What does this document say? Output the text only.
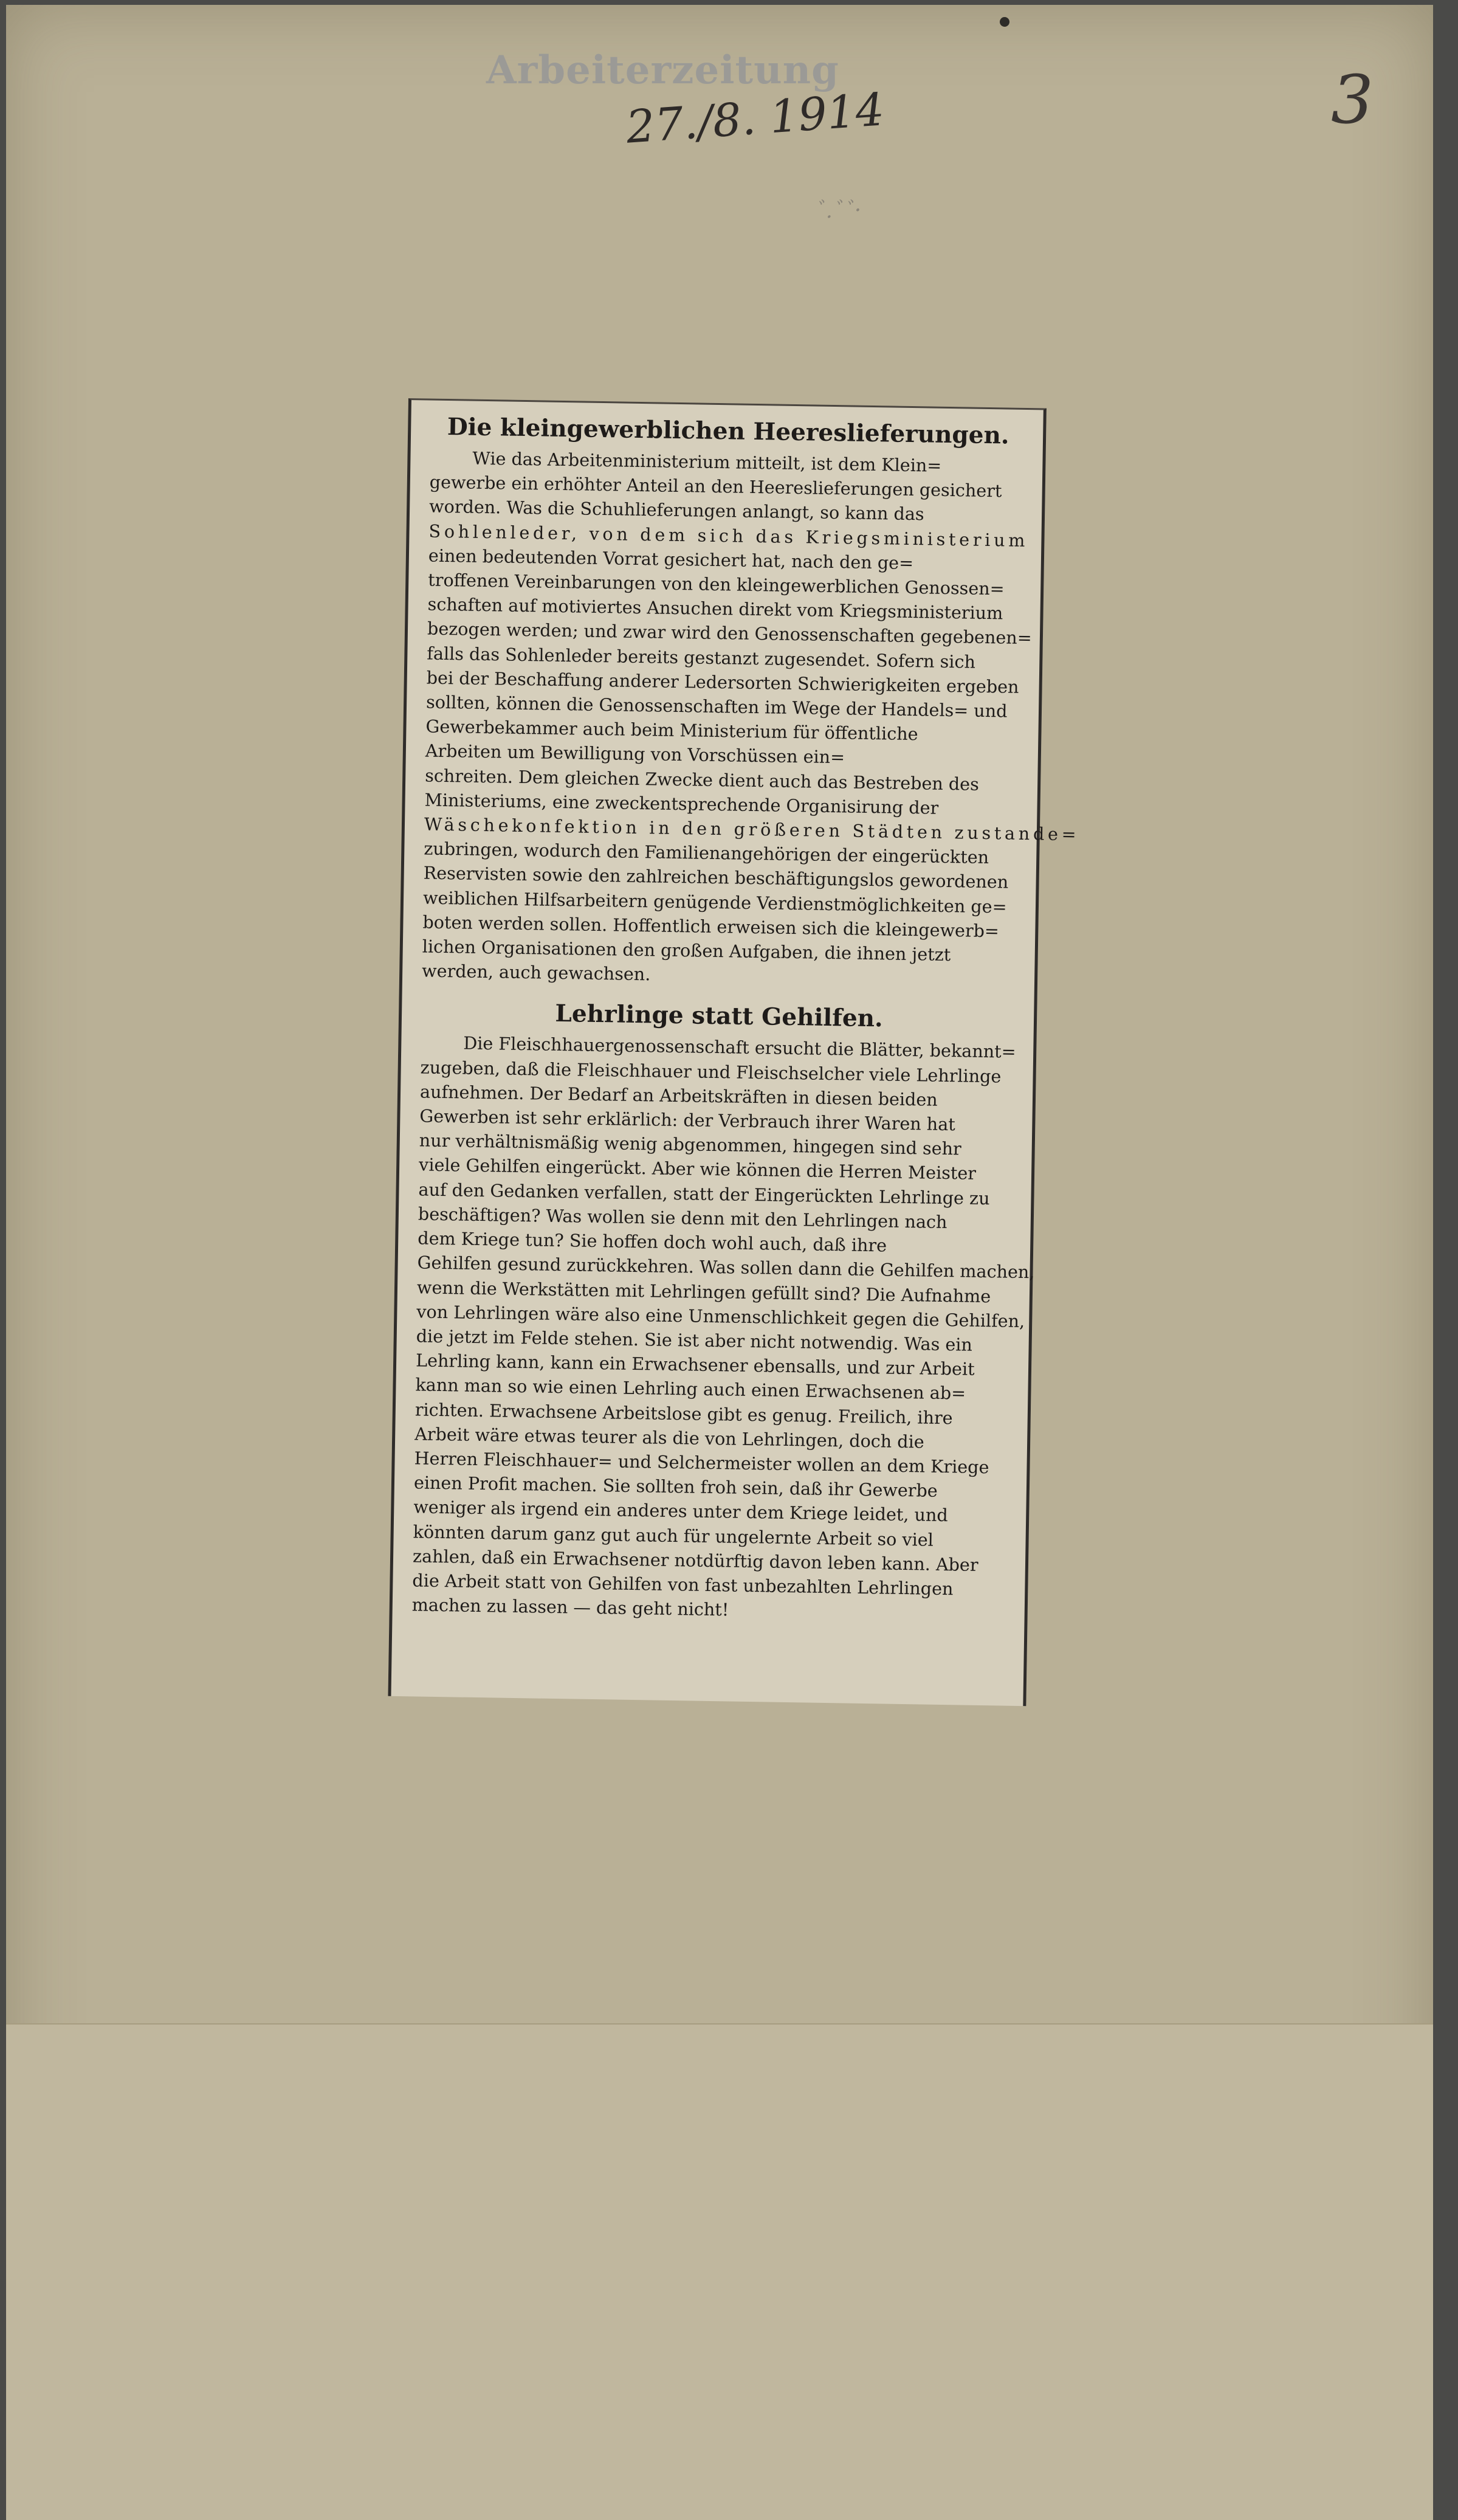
Arbeiterzeitung
27./8. 1914	3
ﾞ.ﾞﾞ·
Die kleingewerblichen Heereslieferungen.
Wie das Arbeitenministerium mitteilt, ist dem Klein=
gewerbe ein erhöhter Anteil an den Heereslieferungen gesichert
worden. Was die Schuhlieferungen anlangt, so kann das
Sohlenleder, von dem sich das Kriegsministerium
einen bedeutenden Vorrat gesichert hat, nach den ge=
troffenen Vereinbarungen von den kleingewerblichen Genossen=
schaften auf motiviertes Ansuchen direkt vom Kriegsministerium
bezogen werden; und zwar wird den Genossenschaften gegebenen=
falls das Sohlenleder bereits gestanzt zugesendet. Sofern sich
bei der Beschaffung anderer Ledersorten Schwierigkeiten ergeben
sollten, können die Genossenschaften im Wege der Handels= und
Gewerbekammer auch beim Ministerium für öffentliche
Arbeiten um Bewilligung von Vorschüssen ein=
schreiten. Dem gleichen Zwecke dient auch das Bestreben des
Ministeriums, eine zweckentsprechende Organisirung der
Wäschekonfektion in den größeren Städten zustande=
zubringen, wodurch den Familienangehörigen der eingerückten
Reservisten sowie den zahlreichen beschäftigungslos gewordenen
weiblichen Hilfsarbeitern genügende Verdienstmöglichkeiten ge=
boten werden sollen. Hoffentlich erweisen sich die kleingewerb=
lichen Organisationen den großen Aufgaben, die ihnen jetzt
werden, auch gewachsen.
Lehrlinge statt Gehilfen.
Die Fleischhauergenossenschaft ersucht die Blätter, bekannt=
zugeben, daß die Fleischhauer und Fleischselcher viele Lehrlinge
aufnehmen. Der Bedarf an Arbeitskräften in diesen beiden
Gewerben ist sehr erklärlich: der Verbrauch ihrer Waren hat
nur verhältnismäßig wenig abgenommen, hingegen sind sehr
viele Gehilfen eingerückt. Aber wie können die Herren Meister
auf den Gedanken verfallen, statt der Eingerückten Lehrlinge zu
beschäftigen? Was wollen sie denn mit den Lehrlingen nach
dem Kriege tun? Sie hoffen doch wohl auch, daß ihre
Gehilfen gesund zurückkehren. Was sollen dann die Gehilfen machen,
wenn die Werkstätten mit Lehrlingen gefüllt sind? Die Aufnahme
von Lehrlingen wäre also eine Unmenschlichkeit gegen die Gehilfen,
die jetzt im Felde stehen. Sie ist aber nicht notwendig. Was ein
Lehrling kann, kann ein Erwachsener ebensalls, und zur Arbeit
kann man so wie einen Lehrling auch einen Erwachsenen ab=
richten. Erwachsene Arbeitslose gibt es genug. Freilich, ihre
Arbeit wäre etwas teurer als die von Lehrlingen, doch die
Herren Fleischhauer= und Selchermeister wollen an dem Kriege
einen Profit machen. Sie sollten froh sein, daß ihr Gewerbe
weniger als irgend ein anderes unter dem Kriege leidet, und
könnten darum ganz gut auch für ungelernte Arbeit so viel
zahlen, daß ein Erwachsener notdürftig davon leben kann. Aber
die Arbeit statt von Gehilfen von fast unbezahlten Lehrlingen
machen zu lassen — das geht nicht!
